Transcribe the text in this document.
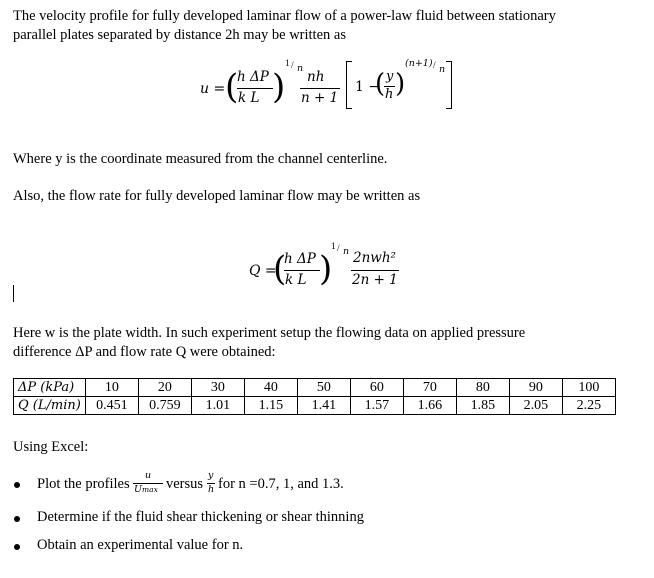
The velocity profile for fully developed laminar flow of a power-law fluid between stationary
parallel plates separated by distance 2h may be written as
u = (
h ΔP
k L )
1 / n
nh
n + 1
1 −
( y
h )
(n+1) / n
Where y is the coordinate measured from the channel centerline.
Also, the flow rate for fully developed laminar flow may be written as
Q =
(
h ΔP
k L )
1 / n 2nwh²
2n + 1
Here w is the plate width. In such experiment setup the flowing data on applied pressure
difference ΔP and flow rate Q were obtained:
ΔP (kPa)	10	20	30	40	50	60	70	80	90	100
Q (L/min)	0.451	0.759	1.01	1.15	1.41	1.57	1.66	1.85	2.05	2.25
Using Excel:
Plot the profiles
u
Umax versus
y
h for n =0.7, 1, and 1.3.
Determine if the fluid shear thickening or shear thinning
Obtain an experimental value for n.
